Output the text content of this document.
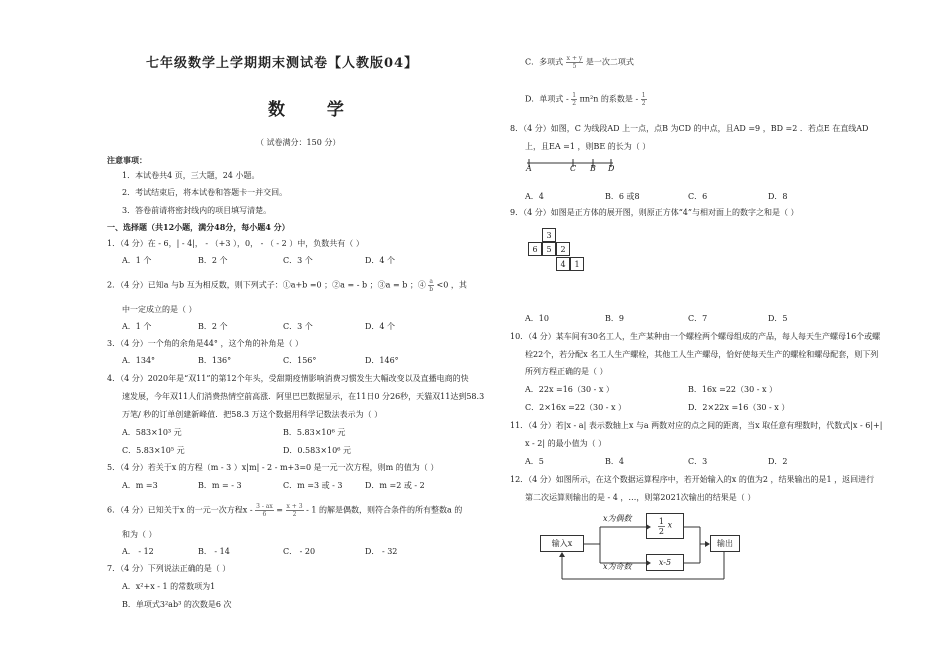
七年级数学上学期期末测试卷【人教版04】
数 学
（ 试卷满分：150 分）
注意事项：
1．本试卷共4 页，三大题，24 小题。
2．考试结束后，将本试卷和答题卡一并交回。
3．答卷前请将密封线内的项目填写清楚。
一、选择题（共12小题，满分48分，每小题4 分）
1．（4 分）在 - 6，| - 4|， - （+3 ），0， - （ - 2 ）中，负数共有（ ）
A．1 个	B．2 个	C．3 个	D．4 个
2．（4 分）已知a 与b 互为相反数，则下列式子：①a+b =0 ；②a = - b ；③a = b ；④ $\frac{a}{b} <0$ ，其
中一定成立的是（ ）
A．1 个	B．2 个	C．3 个	D．4 个
3．（4 分）一个角的余角是44° ，这个角的补角是（ ）
A．134°	B．136°	C．156°	D．146°
4．（4 分）2020年是“双11”的第12个年头，受甜期疫情影响消费习惯发生大幅改变以及直播电商的快
速发展，今年双11人们消费热情空前高涨．阿里巴巴数据显示，在11日0 分26秒，天猫双11达到58.3
万笔/ 秒的订单创建新峰值．把58.3 万这个数据用科学记数法表示为（ ）
A．583×10³ 元	B．5.83×10⁶ 元
C．5.83×10⁵ 元	D．0.583×10⁶ 元
5．（4 分）若关于x 的方程（m - 3 ）x|m| - 2 - m+3=0 是一元一次方程，则m 的值为（ ）
A．m =3	B．m = - 3	C．m =3 或 - 3	D．m =2 或 - 2
6．（4 分）已知关于x 的一元一次方程$x - \frac{3 - ax}{6} = \frac{x + 3}{2} - 1$ 的解是偶数，则符合条件的所有整数a 的
和为（ ）
A． - 12	B． - 14	C． - 20	D． - 32
7．（4 分）下列说法正确的是（ ）
A．x²+x - 1 的常数项为1
B．单项式3²ab³ 的次数是6 次
C．多项式 $\frac{x + y}{5}$ 是一次二项式
D．单项式 - $\frac{1}{2} \pi n^2n$ 的系数是 - $\frac{1}{2}$
8．（4 分）如图，C 为线段AD 上一点，点B 为CD 的中点，且AD =9 ，BD =2 ．若点E 在直线AD
上，且EA =1 ，则BE 的长为（ ）
A	C B D
A．4	B．6 或8	C．6	D．8
9．（4 分）如图是正方体的展开图，则原正方体“4”与相对面上的数字之和是（ ）
3
6	5	2
4	1
A．10	B．9	C．7	D．5
10．（4 分）某车间有30名工人，生产某种由一个螺栓两个螺母组成的产品，每人每天生产螺母16个或螺
栓22个，若分配x 名工人生产螺栓，其他工人生产螺母，恰好使每天生产的螺栓和螺母配套，则下列
所列方程正确的是（ ）
A．22x =16（30 - x ）	B．16x =22（30 - x ）
C．2×16x =22（30 - x ）	D．2×22x =16（30 - x ）
11．（4 分）若|x - a| 表示数轴上x 与a 两数对应的点之间的距离，当x 取任意有理数时，代数式|x - 6|+|
x - 2| 的最小值为（ ）
A．5	B．4	C．3	D．2
12．（4 分）如图所示，在这个数据运算程序中，若开始输入的x 的值为2 ，结果输出的是1 ，返回进行
第二次运算则输出的是 - 4 ，…，则第2021次输出的结果是（ ）
输入x
x为偶数	$\frac{1}{2}$ x
x-5
x为奇数
输出
